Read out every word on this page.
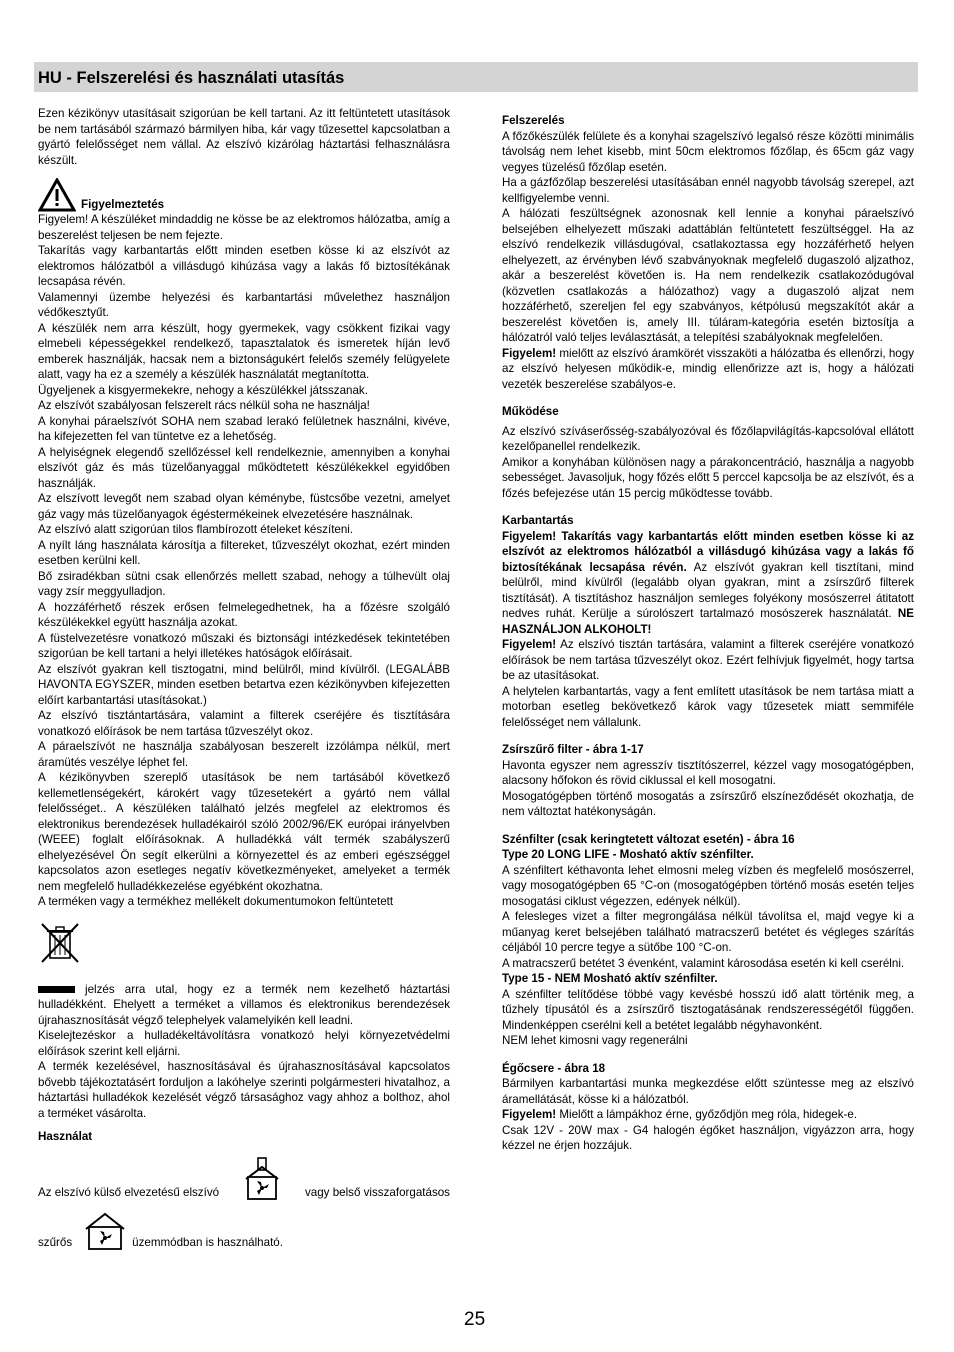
HU - Felszerelési és használati utasítás

Ezen kézikönyv utasításait szigorúan be kell tartani. Az itt feltüntetett utasítások be nem tartásából származó bármilyen hiba, kár vagy tűzesettel kapcsolatban a gyártó felelősséget nem vállal. Az elszívó kizárólag háztartási felhasználásra készült.

Figyelmeztetés

Figyelem! A készüléket mindaddig ne kösse be az elektromos hálózatba, amíg a beszerelést teljesen be nem fejezte.

Takarítás vagy karbantartás előtt minden esetben kösse ki az elszívót az elektromos hálózatból a villásdugó kihúzása vagy a lakás fő biztosítékának lecsapása révén.

Valamennyi üzembe helyezési és karbantartási művelethez használjon védőkesztyűt.

A készülék nem arra készült, hogy gyermekek, vagy csökkent fizikai vagy elmebeli képességekkel rendelkező, tapasztalatok és ismeretek híján levő emberek használják, hacsak nem a biztonságukért felelős személy felügyelete alatt, vagy ha ez a személy a készülék használatát megtanította.

Ügyeljenek a kisgyermekekre, nehogy a készülékkel játsszanak.

Az elszívót szabályosan felszerelt rács nélkül soha ne használja!

A konyhai páraelszívót SOHA nem szabad lerakó felületnek használni, kivéve, ha kifejezetten fel van tüntetve ez a lehetőség.

A helyiségnek elegendő szellőzéssel kell rendelkeznie, amennyiben a konyhai elszívót gáz és más tüzelőanyaggal működtetett készülékekkel egyidőben használják.

Az elszívott levegőt nem szabad olyan kéménybe, füstcsőbe vezetni, amelyet gáz vagy más tüzelőanyagok égéstermékeinek elvezetésére használnak.

Az elszívó alatt szigorúan tilos flambírozott ételeket készíteni.

A nyílt láng használata károsítja a filtereket, tűzveszélyt okozhat, ezért minden esetben kerülni kell.

Bő zsiradékban sütni csak ellenőrzés mellett szabad, nehogy a túlhevült olaj vagy zsír meggyulladjon.

A hozzáférhető részek erősen felmelegedhetnek, ha a főzésre szolgáló készülékekkel együtt használja azokat.

A füstelvezetésre vonatkozó műszaki és biztonsági intézkedések tekintetében szigorúan be kell tartani a helyi illetékes hatóságok előírásait.

Az elszívót gyakran kell tisztogatni, mind belülről, mind kívülről. (LEGALÁBB HAVONTA EGYSZER, minden esetben betartva ezen kézikönyvben kifejezetten előírt karbantartási utasításokat.)

Az elszívó tisztántartására, valamint a filterek cseréjére és tisztítására vonatkozó előírások be nem tartása tűzveszélyt okoz.

A páraelszívót ne használja szabályosan beszerelt izzólámpa nélkül, mert áramütés veszélye léphet fel.

A kézikönyvben szereplő utasítások be nem tartásából következő kellemetlenségekért, károkért vagy tűzesetekért a gyártó nem vállal felelősséget.. A készüléken található jelzés megfelel az elektromos és elektronikus berendezések hulladékairól szóló 2002/96/EK európai irányelvben (WEEE) foglalt előírásoknak. A hulladékká vált termék szabályszerű elhelyezésével Ön segít elkerülni a környezettel és az emberi egészséggel kapcsolatos azon esetleges negatív következményeket, amelyeket a termék nem megfelelő hulladékkezelése egyébként okozhatna.

A terméken vagy a termékhez mellékelt dokumentumokon feltüntetett

jelzés arra utal, hogy ez a termék nem kezelhető háztartási hulladékként. Ehelyett a terméket a villamos és elektronikus berendezések újrahasznosítását végző telephelyek valamelyikén kell leadni.

Kiselejtezéskor a hulladékeltávolításra vonatkozó helyi környezetvédelmi előírások szerint kell eljárni.

A termék kezelésével, hasznosításával és újrahasznosításával kapcsolatos bővebb tájékoztatásért forduljon a lakóhelye szerinti polgármesteri hivatalhoz, a háztartási hulladékok kezelését végző társasághoz vagy ahhoz a bolthoz, ahol a terméket vásárolta.

Használat
Az elszívó külső elvezetésű elszívó	vagy belső visszaforgatásos
szűrős	üzemmódban is használható.
Felszerelés

A főzőkészülék felülete és a konyhai szagelszívó legalsó része közötti minimális távolság nem lehet kisebb, mint 50cm elektromos főzőlap, és 65cm gáz vagy vegyes tüzelésű főzőlap esetén.

Ha a gázfőzőlap beszerelési utasításában ennél nagyobb távolság szerepel, azt kellfigyelembe venni.

A hálózati feszültségnek azonosnak kell lennie a konyhai páraelszívó belsejében elhelyezett műszaki adattáblán feltüntetett feszültséggel. Ha az elszívó rendelkezik villásdugóval, csatlakoztassa egy hozzáférhető helyen elhelyezett, az érvényben lévő szabványoknak megfelelő dugaszoló aljzathoz, akár a beszerelést követően is. Ha nem rendelkezik csatlakozódugóval (közvetlen csatlakozás a hálózathoz) vagy a dugaszoló aljzat nem hozzáférhető, szereljen fel egy szabványos, kétpólusú megszakítót akár a beszerelést követően is, amely III. túláram-kategória esetén biztosítja a hálózatról való teljes leválasztását, a telepítési szabályoknak megfelelően.

Figyelem! mielőtt az elszívó áramkörét visszaköti a hálózatba és ellenőrzi, hogy az elszívó helyesen működik-e, mindig ellenőrizze azt is, hogy a hálózati vezeték beszerelése szabályos-e.

Működése

Az elszívó szíváserősség-szabályozóval és főzőlapvilágítás-kapcsolóval ellátott kezelőpanellel rendelkezik.

Amikor a konyhában különösen nagy a párakoncentráció, használja a nagyobb sebességet. Javasoljuk, hogy főzés előtt 5 perccel kapcsolja be az elszívót, és a főzés befejezése után 15 percig működtesse tovább.

Karbantartás

Figyelem! Takarítás vagy karbantartás előtt minden esetben kösse ki az elszívót az elektromos hálózatból a villásdugó kihúzása vagy a lakás fő biztosítékának lecsapása révén. Az elszívót gyakran kell tisztítani, mind belülről, mind kívülről (legalább olyan gyakran, mint a zsírszűrő filterek tisztítását). A tisztításhoz használjon semleges folyékony mosószerrel átitatott nedves ruhát. Kerülje a súrolószert tartalmazó mosószerek használatát. NE HASZNÁLJON ALKOHOLT!

Figyelem! Az elszívó tisztán tartására, valamint a filterek cseréjére vonatkozó előírások be nem tartása tűzveszélyt okoz. Ezért felhívjuk figyelmét, hogy tartsa be az utasításokat.

A helytelen karbantartás, vagy a fent említett utasítások be nem tartása miatt a motorban esetleg bekövetkező károk vagy tűzesetek miatt semmiféle felelősséget nem vállalunk.

Zsírszűrő filter - ábra 1-17

Havonta egyszer nem agresszív tisztítószerrel, kézzel vagy mosogatógépben, alacsony hőfokon és rövid ciklussal el kell mosogatni.

Mosogatógépben történő mosogatás a zsírszűrő elszíneződését okozhatja, de nem változtat hatékonyságán.

Szénfilter (csak keringtetett változat esetén) - ábra 16
Type 20 LONG LIFE - Mosható aktív szénfilter.

A szénfiltert kéthavonta lehet elmosni meleg vízben és megfelelő mosószerrel, vagy mosogatógépben 65 °C-on (mosogatógépben történő mosás esetén teljes mosogatási ciklust végezzen, edények nélkül).

A felesleges vizet a filter megrongálása nélkül távolítsa el, majd vegye ki a műanyag keret belsejében található matracszerű betétet és végleges szárítás céljából 10 percre tegye a sütőbe 100 °C-on.

A matracszerű betétet 3 évenként, valamint károsodása esetén ki kell cserélni.

Type 15 - NEM Mosható aktív szénfilter.

A szénfilter telítődése többé vagy kevésbé hosszú idő alatt történik meg, a tűzhely típusától és a zsírszűrő tisztogatásának rendszerességétől függően. Mindenképpen cserélni kell a betétet legalább négyhavonként.

NEM lehet kimosni vagy regenerálni

Égőcsere - ábra 18

Bármilyen karbantartási munka megkezdése előtt szüntesse meg az elszívó áramellátását, kösse ki a hálózatból.

Figyelem! Mielőtt a lámpákhoz érne, győződjön meg róla, hidegek-e.

Csak 12V - 20W max - G4 halogén égőket használjon, vigyázzon arra, hogy kézzel ne érjen hozzájuk.

25
